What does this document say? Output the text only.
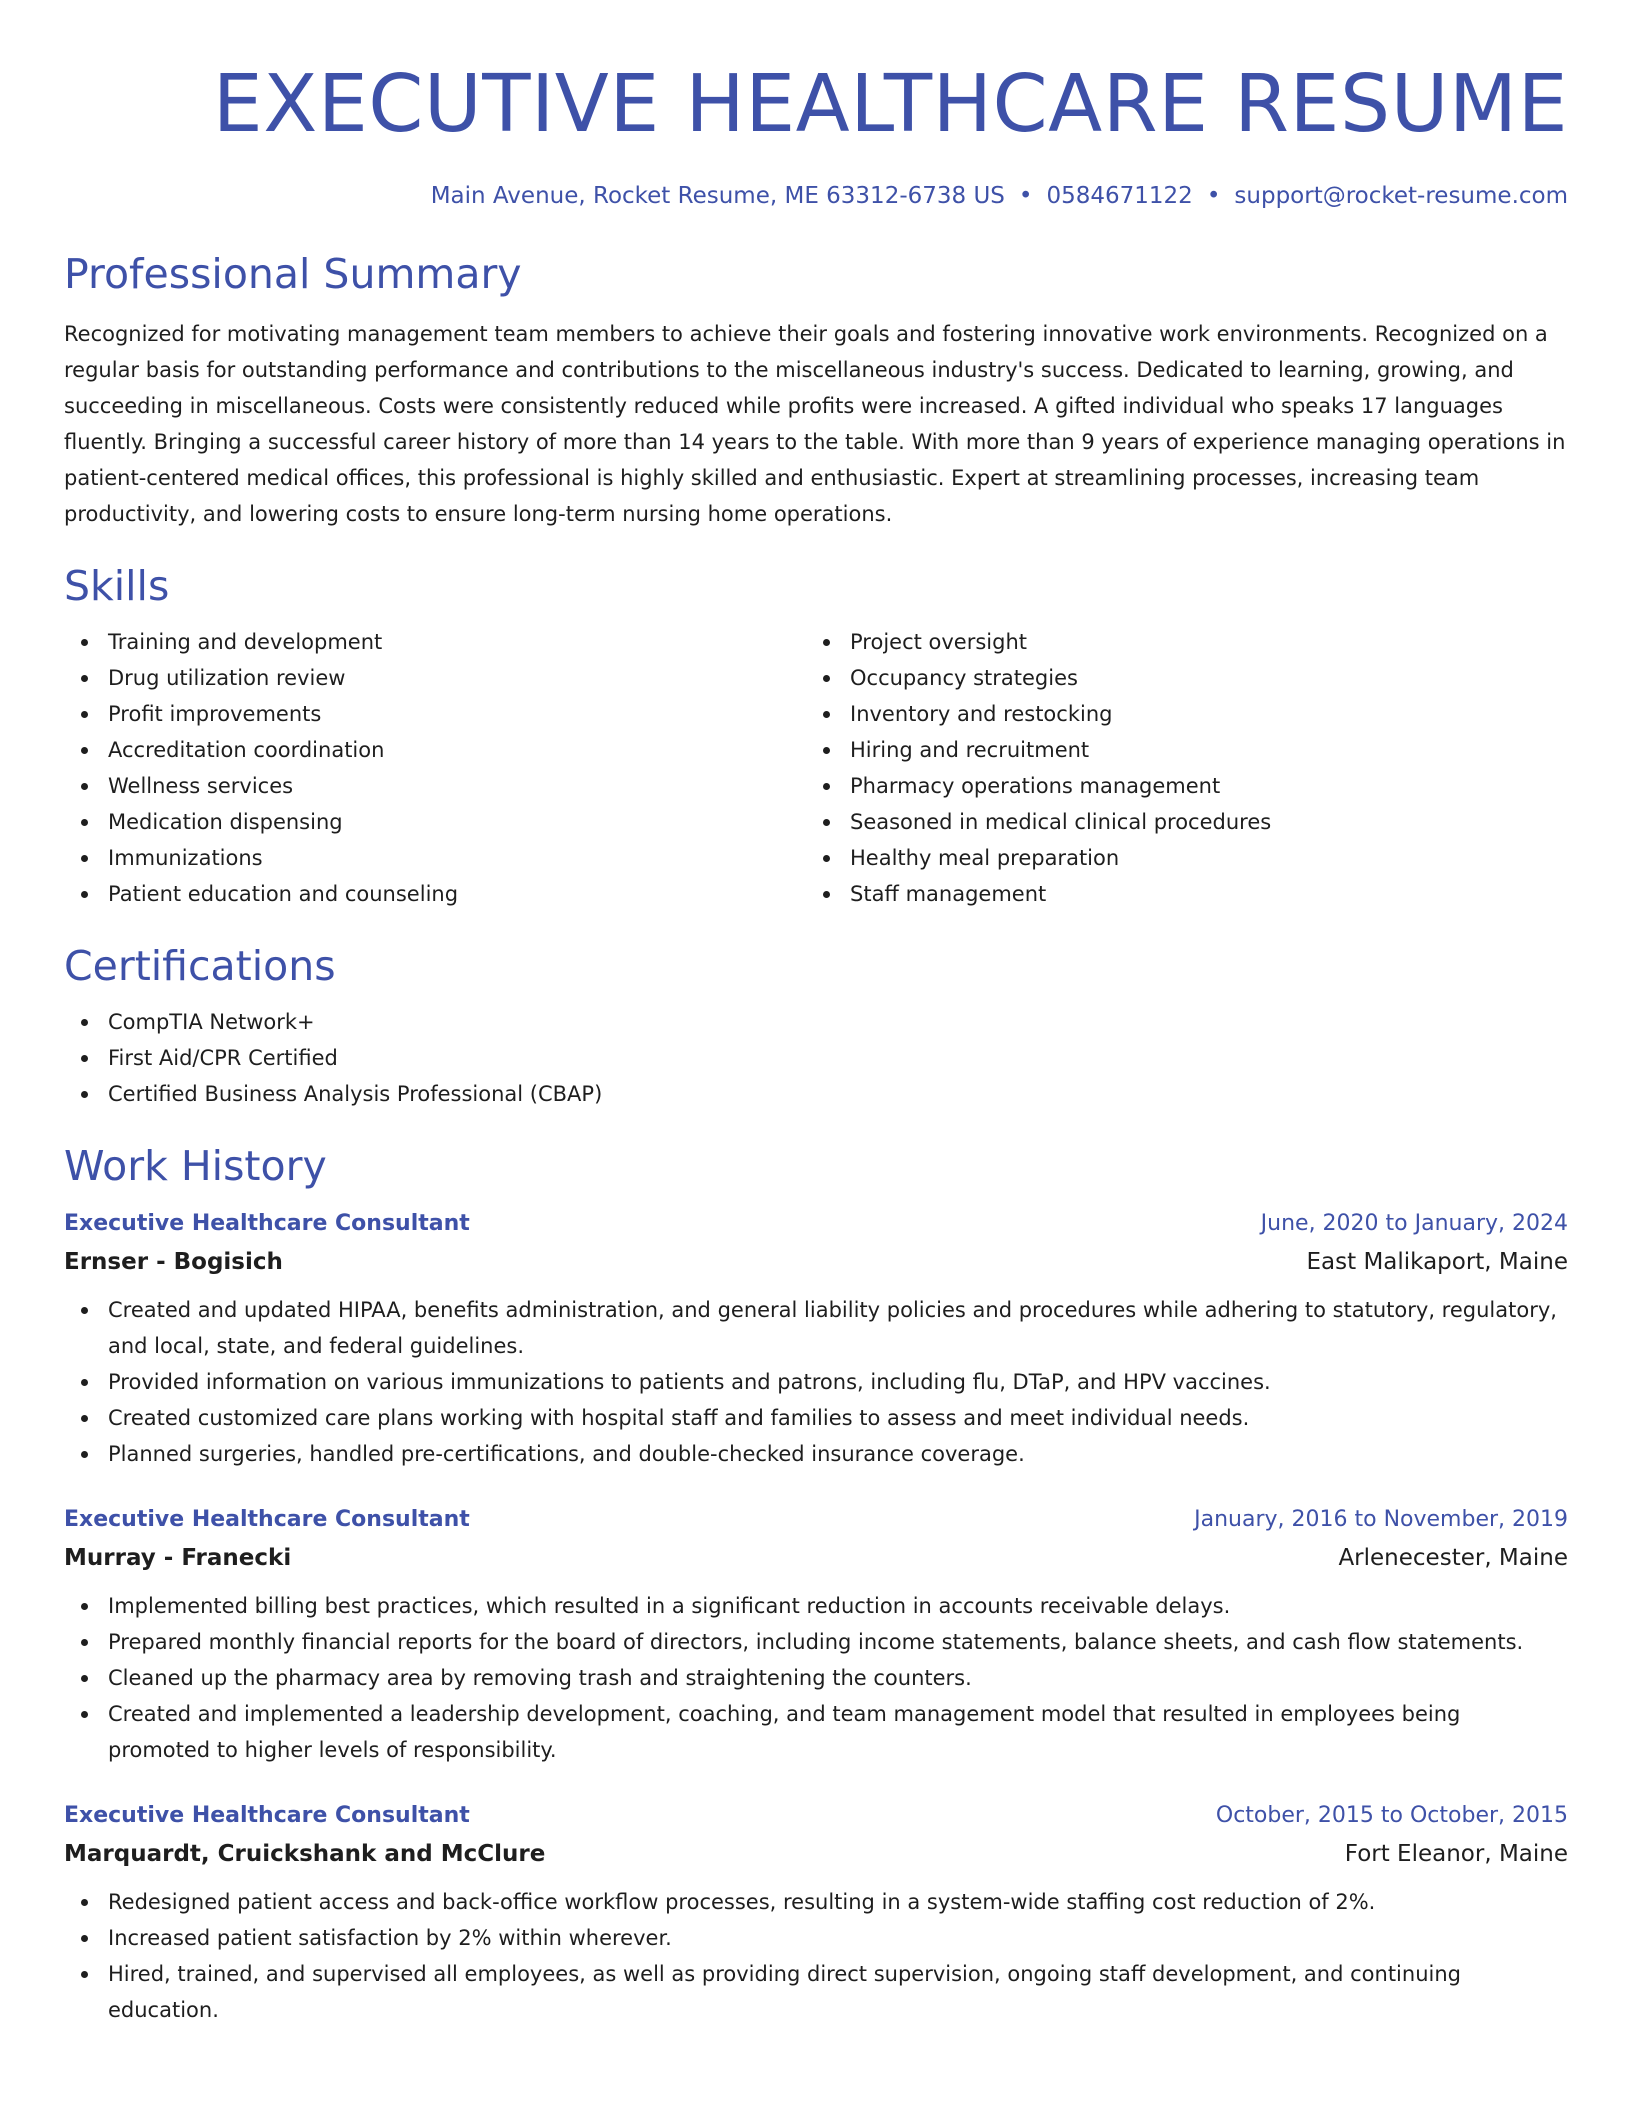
EXECUTIVE HEALTHCARE RESUME
Main Avenue, Rocket Resume, ME 63312-6738 US • 0584671122 • support@rocket-resume.com
Professional Summary

Recognized for motivating management team members to achieve their goals and fostering innovative work environments. Recognized on a regular basis for outstanding performance and contributions to the miscellaneous industry's success. Dedicated to learning, growing, and succeeding in miscellaneous. Costs were consistently reduced while profits were increased. A gifted individual who speaks 17 languages fluently. Bringing a successful career history of more than 14 years to the table. With more than 9 years of experience managing operations in patient-centered medical offices, this professional is highly skilled and enthusiastic. Expert at streamlining processes, increasing team productivity, and lowering costs to ensure long-term nursing home operations.

Skills
Training and development
Drug utilization review
Profit improvements
Accreditation coordination
Wellness services
Medication dispensing
Immunizations
Patient education and counseling
Project oversight
Occupancy strategies
Inventory and restocking
Hiring and recruitment
Pharmacy operations management
Seasoned in medical clinical procedures
Healthy meal preparation
Staff management
Certifications
CompTIA Network+
First Aid/CPR Certified
Certified Business Analysis Professional (CBAP)
Work History
Executive Healthcare Consultant	June, 2020 to January, 2024
Ernser - Bogisich	East Malikaport, Maine
Created and updated HIPAA, benefits administration, and general liability policies and procedures while adhering to statutory, regulatory, and local, state, and federal guidelines.
Provided information on various immunizations to patients and patrons, including flu, DTaP, and HPV vaccines.
Created customized care plans working with hospital staff and families to assess and meet individual needs.
Planned surgeries, handled pre-certifications, and double-checked insurance coverage.
Executive Healthcare Consultant	January, 2016 to November, 2019
Murray - Franecki	Arlenecester, Maine
Implemented billing best practices, which resulted in a significant reduction in accounts receivable delays.
Prepared monthly financial reports for the board of directors, including income statements, balance sheets, and cash flow statements.
Cleaned up the pharmacy area by removing trash and straightening the counters.
Created and implemented a leadership development, coaching, and team management model that resulted in employees being promoted to higher levels of responsibility.
Executive Healthcare Consultant	October, 2015 to October, 2015
Marquardt, Cruickshank and McClure	Fort Eleanor, Maine
Redesigned patient access and back-office workflow processes, resulting in a system-wide staffing cost reduction of 2%.
Increased patient satisfaction by 2% within wherever.
Hired, trained, and supervised all employees, as well as providing direct supervision, ongoing staff development, and continuing education.
